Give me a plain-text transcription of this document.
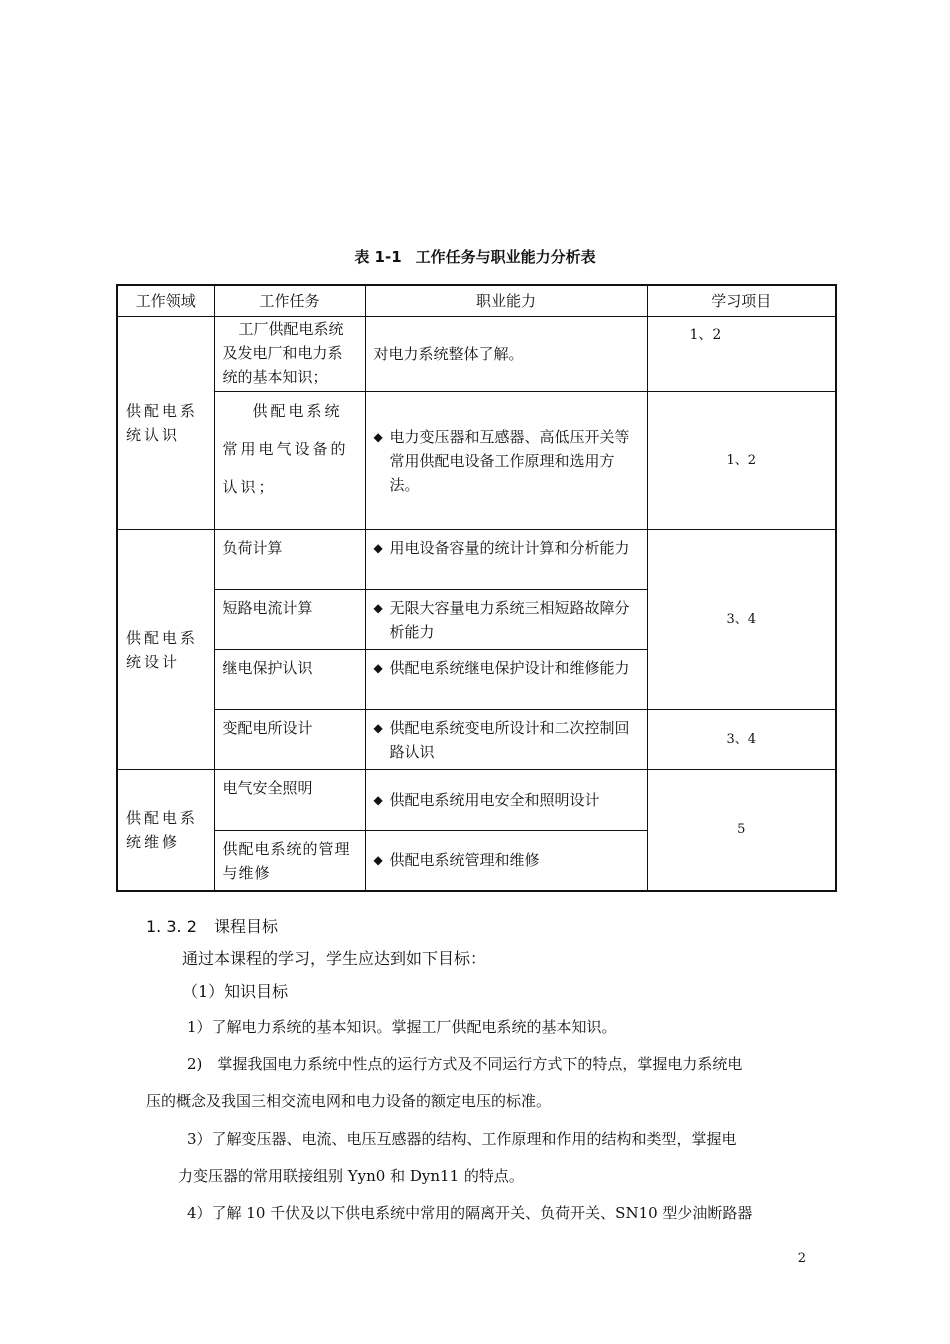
表 1-1 工作任务与职业能力分析表
工作领域	工作任务	职业能力	学习项目
供配电系统认识	工厂供配电系统及发电厂和电力系统的基本知识；	对电力系统整体了解。	1、2
	供配电系统常用电气设备的认识；	◆ 电力变压器和互感器、高低压开关等常用供配电设备工作原理和选用方法。	1、2
供配电系统设计	负荷计算	◆ 用电设备容量的统计计算和分析能力	3、4
	短路电流计算	◆ 无限大容量电力系统三相短路故障分析能力	

	继电保护认识	◆ 供配电系统继电保护设计和维修能力	

	变配电所设计	◆ 供配电系统变电所设计和二次控制回路认识	3、4
供配电系统维修	电气安全照明	◆ 供配电系统用电安全和照明设计	5
	供配电系统的管理与维修	◆ 供配电系统管理和维修	
1. 3. 2 课程目标
通过本课程的学习，学生应达到如下目标：
（1）知识目标
1）了解电力系统的基本知识。掌握工厂供配电系统的基本知识。
2)　掌握我国电力系统中性点的运行方式及不同运行方式下的特点，掌握电力系统电
压的概念及我国三相交流电网和电力设备的额定电压的标准。
3）了解变压器、电流、电压互感器的结构、工作原理和作用的结构和类型，掌握电
力变压器的常用联接组别 Yyn0 和 Dyn11 的特点。
4）了解 10 千伏及以下供电系统中常用的隔离开关、负荷开关、SN10 型少油断路器
2
